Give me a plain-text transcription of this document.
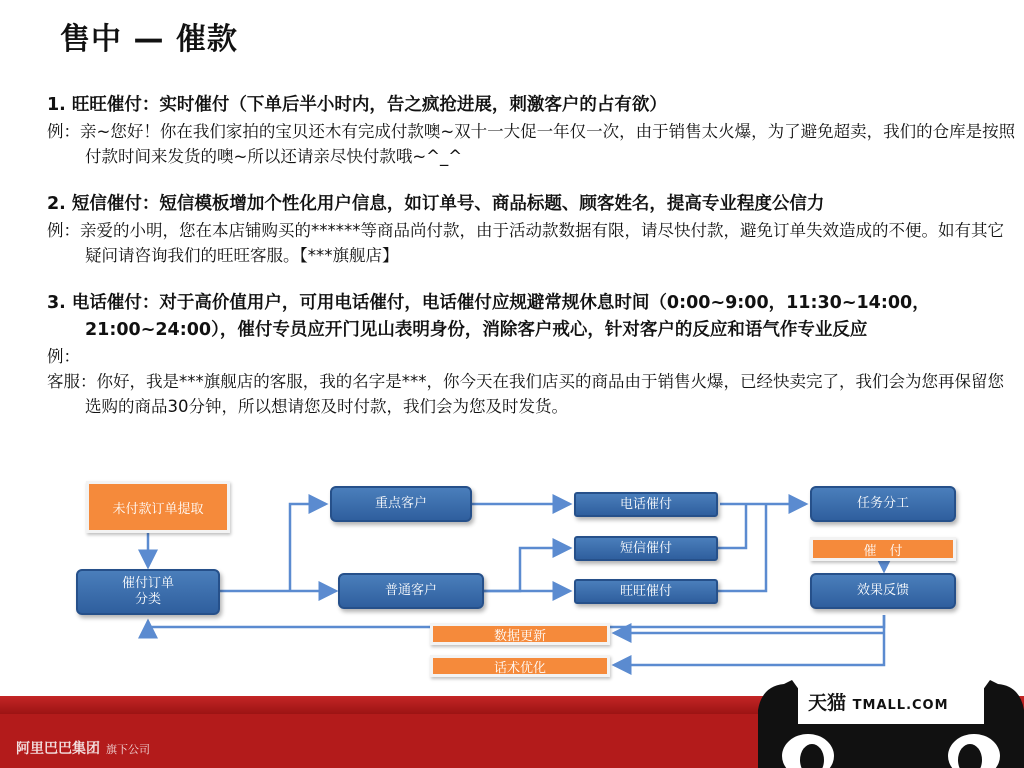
售中 — 催款
1. 旺旺催付：实时催付（下单后半小时内，告之疯抢进展，刺激客户的占有欲）
例：亲~您好！你在我们家拍的宝贝还木有完成付款噢~双十一大促一年仅一次，由于销售太火爆，为了避免超卖，我们的仓库是按照付款时间来发货的噢~所以还请亲尽快付款哦~^_^
2. 短信催付：短信模板增加个性化用户信息，如订单号、商品标题、顾客姓名，提高专业程度公信力
例：亲爱的小明，您在本店铺购买的******等商品尚付款，由于活动款数据有限，请尽快付款，避免订单失效造成的不便。如有其它疑问请咨询我们的旺旺客服。【***旗舰店】
3. 电话催付：对于高价值用户，可用电话催付，电话催付应规避常规休息时间（0:00~9:00，11:30~14:00，21:00~24:00），催付专员应开门见山表明身份，消除客户戒心，针对客户的反应和语气作专业反应
例：
客服：你好，我是***旗舰店的客服，我的名字是***，你今天在我们店买的商品由于销售火爆，已经快卖完了，我们会为您再保留您选购的商品30分钟，所以想请您及时付款，我们会为您及时发货。
未付款订单提取
催付订单
分类
重点客户
普通客户
电话催付
短信催付
旺旺催付
任务分工
催　付
效果反馈
数据更新
话术优化
阿里巴巴集团 旗下公司
天猫 TMALL.COM
